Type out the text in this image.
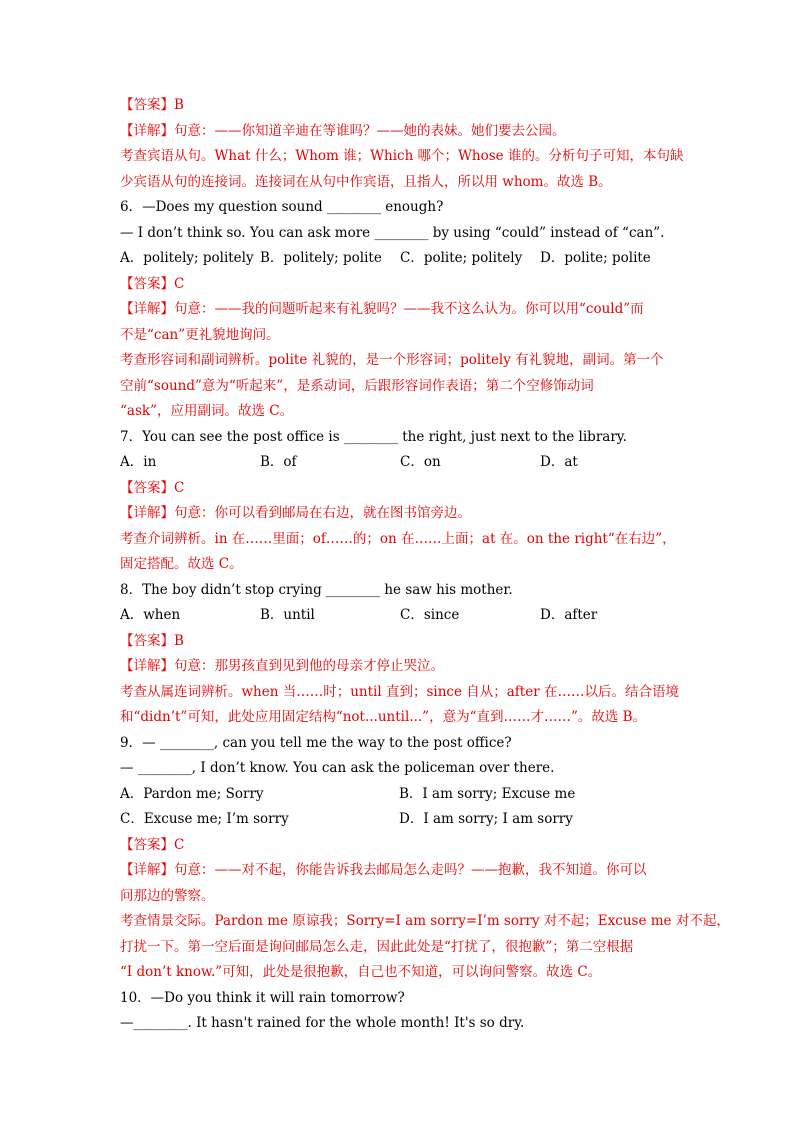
【答案】B
【详解】句意：——你知道辛迪在等谁吗？——她的表妹。她们要去公园。
考查宾语从句。What 什么；Whom 谁；Which 哪个；Whose 谁的。分析句子可知，本句缺
少宾语从句的连接词。连接词在从句中作宾语，且指人，所以用 whom。故选 B。
6．—Does my question sound ________ enough?
— I don’t think so. You can ask more ________ by using “could” instead of “can”.
A．politely; politely B．politely; polite	C．polite; politely	D．polite; polite
【答案】C
【详解】句意：——我的问题听起来有礼貌吗？——我不这么认为。你可以用“could”而
不是“can”更礼貌地询问。
考查形容词和副词辨析。polite 礼貌的，是一个形容词；politely 有礼貌地，副词。第一个
空前“sound”意为“听起来”，是系动词，后跟形容词作表语；第二个空修饰动词
“ask”，应用副词。故选 C。
7．You can see the post office is ________ the right, just next to the library.
A．in	B．of	C．on	D．at
【答案】C
【详解】句意：你可以看到邮局在右边，就在图书馆旁边。
考查介词辨析。in 在……里面；of……的；on 在……上面；at 在。on the right“在右边”，
固定搭配。故选 C。
8．The boy didn’t stop crying ________ he saw his mother.
A．when	B．until	C．since	D．after
【答案】B
【详解】句意：那男孩直到见到他的母亲才停止哭泣。
考查从属连词辨析。when 当……时；until 直到；since 自从；after 在……以后。结合语境
和“didn’t”可知，此处应用固定结构“not...until...”，意为“直到……才……”。故选 B。
9．— ________, can you tell me the way to the post office?
— ________, I don’t know. You can ask the policeman over there.
A．Pardon me; Sorry	B．I am sorry; Excuse me
C．Excuse me; I’m sorry	D．I am sorry; I am sorry
【答案】C
【详解】句意：——对不起，你能告诉我去邮局怎么走吗？——抱歉，我不知道。你可以
问那边的警察。
考查情景交际。Pardon me 原谅我；Sorry=I am sorry=I’m sorry 对不起；Excuse me 对不起，
打扰一下。第一空后面是询问邮局怎么走，因此此处是“打扰了，很抱歉”；第二空根据
“I don’t know.”可知，此处是很抱歉，自己也不知道，可以询问警察。故选 C。
10．—Do you think it will rain tomorrow?
—________. It hasn't rained for the whole month! It's so dry.
